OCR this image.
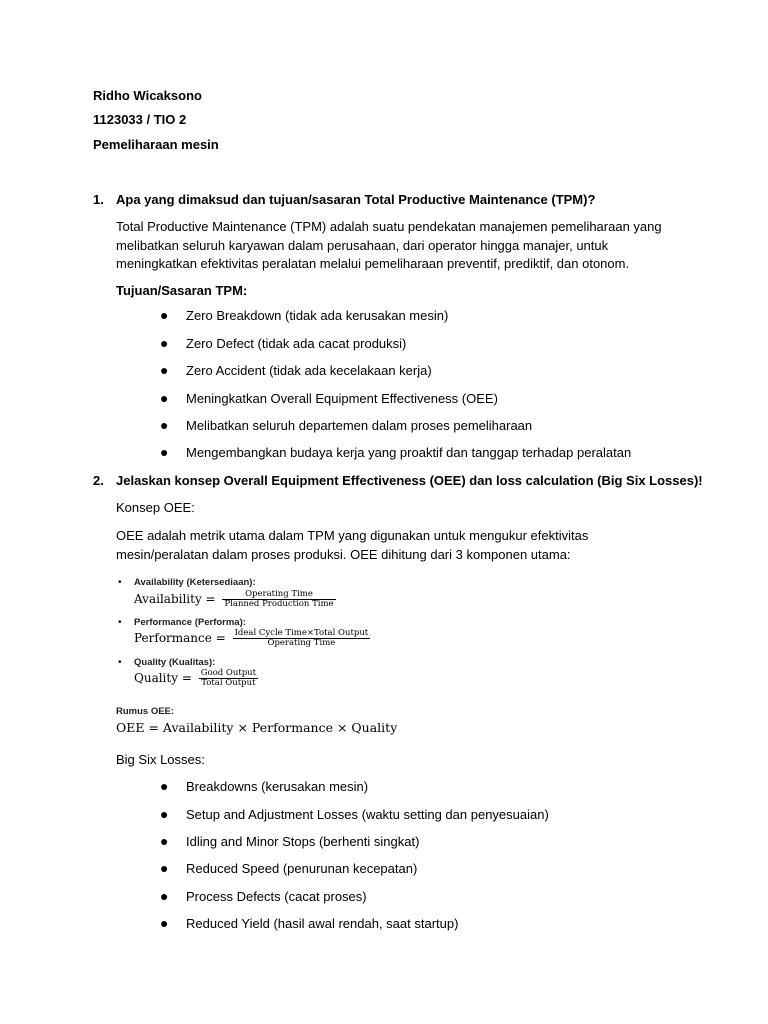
Ridho Wicaksono
1123033 / TIO 2
Pemeliharaan mesin
1. Apa yang dimaksud dan tujuan/sasaran Total Productive Maintenance (TPM)?
Total Productive Maintenance (TPM) adalah suatu pendekatan manajemen pemeliharaan yang melibatkan seluruh karyawan dalam perusahaan, dari operator hingga manajer, untuk meningkatkan efektivitas peralatan melalui pemeliharaan preventif, prediktif, dan otonom.
Tujuan/Sasaran TPM:
● Zero Breakdown (tidak ada kerusakan mesin)
● Zero Defect (tidak ada cacat produksi)
● Zero Accident (tidak ada kecelakaan kerja)
● Meningkatkan Overall Equipment Effectiveness (OEE)
● Melibatkan seluruh departemen dalam proses pemeliharaan
● Mengembangkan budaya kerja yang proaktif dan tanggap terhadap peralatan
2. Jelaskan konsep Overall Equipment Effectiveness (OEE) dan loss calculation (Big Six Losses)!
Konsep OEE:
OEE adalah metrik utama dalam TPM yang digunakan untuk mengukur efektivitas mesin/peralatan dalam proses produksi. OEE dihitung dari 3 komponen utama:
• Availability (Ketersediaan):
Availability = $\frac{\text{Operating Time}}{\text{Planned Production Time}}$
• Performance (Performa):
Performance = $\frac{\text{Ideal Cycle Time×Total Output}}{\text{Operating Time}}$
• Quality (Kualitas):
Quality = $\frac{\text{Good Output}}{\text{Total Output}}$
Rumus OEE:
OEE = Availability × Performance × Quality
Big Six Losses:
● Breakdowns (kerusakan mesin)
● Setup and Adjustment Losses (waktu setting dan penyesuaian)
● Idling and Minor Stops (berhenti singkat)
● Reduced Speed (penurunan kecepatan)
● Process Defects (cacat proses)
● Reduced Yield (hasil awal rendah, saat startup)
